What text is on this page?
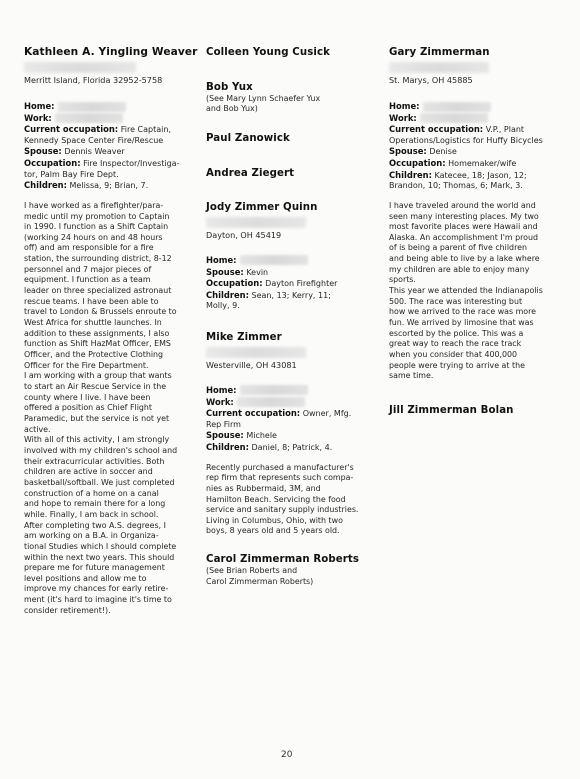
Kathleen A. Yingling Weaver

Merritt Island, Florida 32952-5758

Home:

Work:

Current occupation: Fire Captain,

Kennedy Space Center Fire/Rescue

Spouse: Dennis Weaver

Occupation: Fire Inspector/Investiga-

tor, Palm Bay Fire Dept.

Children: Melissa, 9; Brian, 7.

I have worked as a firefighter/para-

medic until my promotion to Captain

in 1990. I function as a Shift Captain

(working 24 hours on and 48 hours

off) and am responsible for a fire

station, the surrounding district, 8-12

personnel and 7 major pieces of

equipment. I function as a team

leader on three specialized astronaut

rescue teams. I have been able to

travel to London & Brussels enroute to

West Africa for shuttle launches. In

addition to these assignments, I also

function as Shift HazMat Officer, EMS

Officer, and the Protective Clothing

Officer for the Fire Department.

I am working with a group that wants

to start an Air Rescue Service in the

county where I live. I have been

offered a position as Chief Flight

Paramedic, but the service is not yet

active.

With all of this activity, I am strongly

involved with my children's school and

their extracurricular activities. Both

children are active in soccer and

basketball/softball. We just completed

construction of a home on a canal

and hope to remain there for a long

while. Finally, I am back in school.

After completing two A.S. degrees, I

am working on a B.A. in Organiza-

tional Studies which I should complete

within the next two years. This should

prepare me for future management

level positions and allow me to

improve my chances for early retire-

ment (it's hard to imagine it's time to

consider retirement!).

Colleen Young Cusick

Bob Yux

(See Mary Lynn Schaefer Yux

and Bob Yux)

Paul Zanowick

Andrea Ziegert

Jody Zimmer Quinn

Dayton, OH 45419

Home:

Spouse: Kevin

Occupation: Dayton Firefighter

Children: Sean, 13; Kerry, 11;

Molly, 9.

Mike Zimmer

Westerville, OH 43081

Home:

Work:

Current occupation: Owner, Mfg.

Rep Firm

Spouse: Michele

Children: Daniel, 8; Patrick, 4.

Recently purchased a manufacturer's

rep firm that represents such compa-

nies as Rubbermaid, 3M, and

Hamilton Beach. Servicing the food

service and sanitary supply industries.

Living in Columbus, Ohio, with two

boys, 8 years old and 5 years old.

Carol Zimmerman Roberts

(See Brian Roberts and

Carol Zimmerman Roberts)

Gary Zimmerman

St. Marys, OH 45885

Home:

Work:

Current occupation: V.P., Plant

Operations/Logistics for Huffy Bicycles

Spouse: Denise

Occupation: Homemaker/wife

Children: Katecee, 18; Jason, 12;

Brandon, 10; Thomas, 6; Mark, 3.

I have traveled around the world and

seen many interesting places. My two

most favorite places were Hawaii and

Alaska. An accomplishment I'm proud

of is being a parent of five children

and being able to live by a lake where

my children are able to enjoy many

sports.

This year we attended the Indianapolis

500. The race was interesting but

how we arrived to the race was more

fun. We arrived by limosine that was

escorted by the police. This was a

great way to reach the race track

when you consider that 400,000

people were trying to arrive at the

same time.

Jill Zimmerman Bolan

20
